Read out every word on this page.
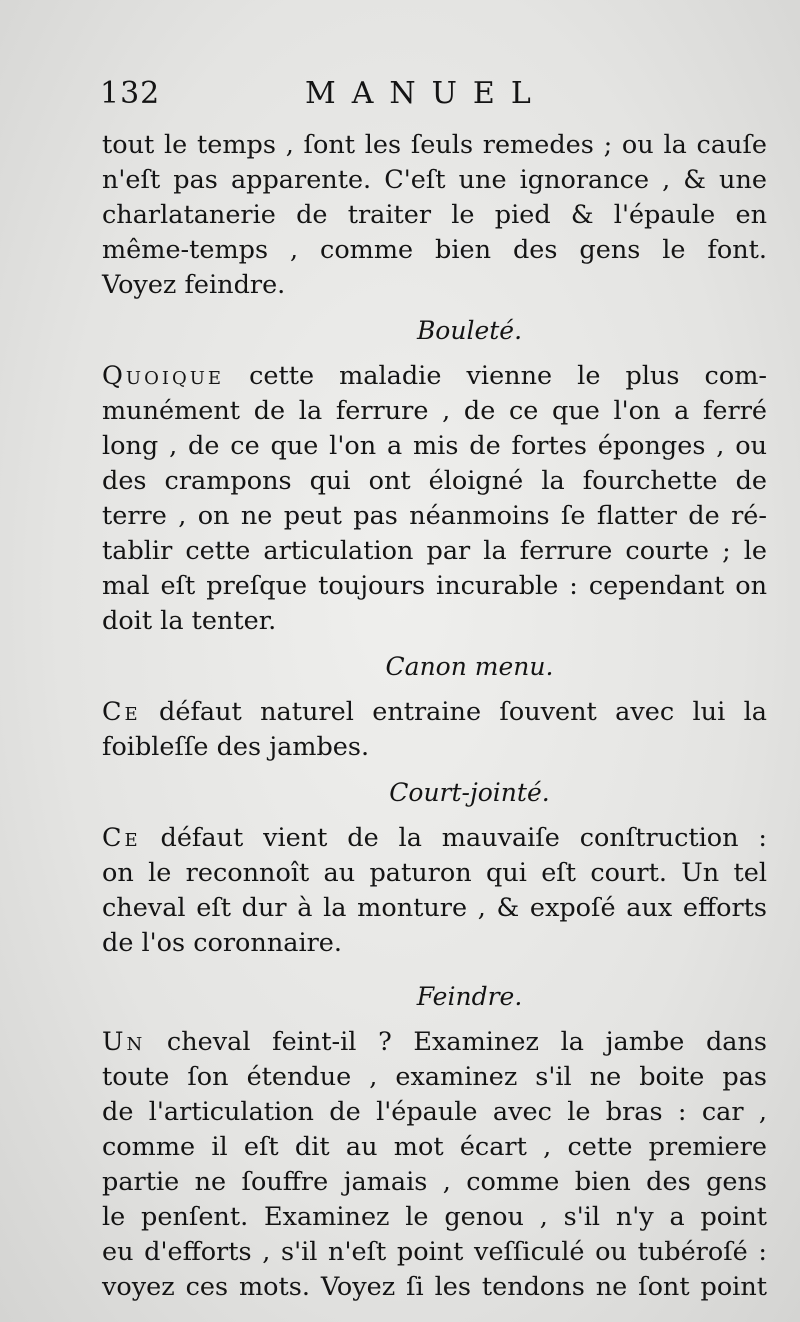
132	MANUEL
tout le temps , ſont les ſeuls remedes ; ou la cauſe
n'eſt pas apparente. C'eſt une ignorance , & une
charlatanerie de traiter le pied & l'épaule en
même-temps , comme bien des gens le font.
Voyez feindre.
Bouleté.
Quoique cette maladie vienne le plus com-
munément de la ferrure , de ce que l'on a ferré
long , de ce que l'on a mis de fortes éponges , ou
des crampons qui ont éloigné la fourchette de
terre , on ne peut pas néanmoins ſe flatter de ré-
tablir cette articulation par la ferrure courte ; le
mal eſt preſque toujours incurable : cependant on
doit la tenter.
Canon menu.
Ce défaut naturel entraine ſouvent avec lui la
foibleſſe des jambes.
Court-jointé.
Ce défaut vient de la mauvaiſe conſtruction :
on le reconnoît au paturon qui eſt court. Un tel
cheval eſt dur à la monture , & expoſé aux efforts
de l'os coronnaire.
Feindre.
Un cheval feint-il ? Examinez la jambe dans
toute ſon étendue , examinez s'il ne boite pas
de l'articulation de l'épaule avec le bras : car ,
comme il eſt dit au mot écart , cette premiere
partie ne ſouffre jamais , comme bien des gens
le penſent. Examinez le genou , s'il n'y a point
eu d'efforts , s'il n'eſt point veſſiculé ou tubéroſé :
voyez ces mots. Voyez ſi les tendons ne ſont point
